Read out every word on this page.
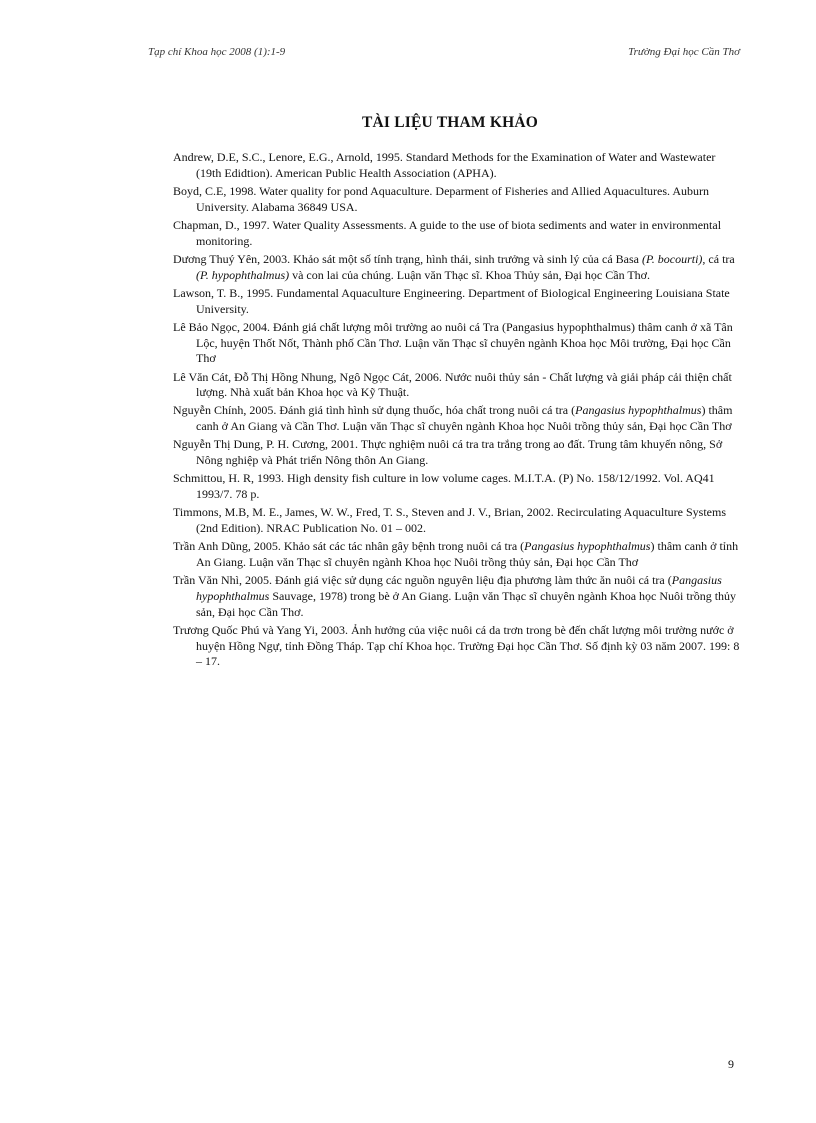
Tạp chí Khoa học 2008 (1):1-9	Trường Đại học Cần Thơ
TÀI LIỆU THAM KHẢO

Andrew, D.E, S.C., Lenore, E.G., Arnold, 1995. Standard Methods for the Examination of Water and Wastewater (19th Edidtion). American Public Health Association (APHA).

Boyd, C.E, 1998. Water quality for pond Aquaculture. Deparment of Fisheries and Allied Aquacultures. Auburn University. Alabama 36849 USA.

Chapman, D., 1997. Water Quality Assessments. A guide to the use of biota sediments and water in environmental monitoring.

Dương Thuý Yên, 2003. Khảo sát một số tính trạng, hình thái, sinh trưởng và sinh lý của cá Basa (P. bocourti), cá tra (P. hypophthalmus) và con lai của chúng. Luận văn Thạc sĩ. Khoa Thủy sản, Đại học Cần Thơ.

Lawson, T. B., 1995. Fundamental Aquaculture Engineering. Department of Biological Engineering Louisiana State University.

Lê Bảo Ngọc, 2004. Đánh giá chất lượng môi trường ao nuôi cá Tra (Pangasius hypophthalmus) thâm canh ở xã Tân Lộc, huyện Thốt Nốt, Thành phố Cần Thơ. Luận văn Thạc sĩ chuyên ngành Khoa học Môi trường, Đại học Cần Thơ

Lê Văn Cát, Đỗ Thị Hồng Nhung, Ngô Ngọc Cát, 2006. Nước nuôi thủy sản - Chất lượng và giải pháp cải thiện chất lượng. Nhà xuất bản Khoa học và Kỹ Thuật.

Nguyễn Chính, 2005. Đánh giá tình hình sử dụng thuốc, hóa chất trong nuôi cá tra (Pangasius hypophthalmus) thâm canh ở An Giang và Cần Thơ. Luận văn Thạc sĩ chuyên ngành Khoa học Nuôi trồng thủy sản, Đại học Cần Thơ

Nguyễn Thị Dung, P. H. Cương, 2001. Thực nghiệm nuôi cá tra tra trắng trong ao đất. Trung tâm khuyến nông, Sở Nông nghiệp và Phát triển Nông thôn An Giang.

Schmittou, H. R, 1993. High density fish culture in low volume cages. M.I.T.A. (P) No. 158/12/1992. Vol. AQ41 1993/7. 78 p.

Timmons, M.B, M. E., James, W. W., Fred, T. S., Steven and J. V., Brian, 2002. Recirculating Aquaculture Systems (2nd Edition). NRAC Publication No. 01 – 002.

Trần Anh Dũng, 2005. Khảo sát các tác nhân gây bệnh trong nuôi cá tra (Pangasius hypophthalmus) thâm canh ở tỉnh An Giang. Luận văn Thạc sĩ chuyên ngành Khoa học Nuôi trồng thủy sản, Đại học Cần Thơ

Trần Văn Nhì, 2005. Đánh giá việc sử dụng các nguồn nguyên liệu địa phương làm thức ăn nuôi cá tra (Pangasius hypophthalmus Sauvage, 1978) trong bè ở An Giang. Luận văn Thạc sĩ chuyên ngành Khoa học Nuôi trồng thủy sản, Đại học Cần Thơ.

Trương Quốc Phú và Yang Yi, 2003. Ảnh hưởng của việc nuôi cá da trơn trong bè đến chất lượng môi trường nước ở huyện Hồng Ngự, tỉnh Đồng Tháp. Tạp chí Khoa học. Trường Đại học Cần Thơ. Số định kỳ 03 năm 2007. 199: 8 – 17.

9
